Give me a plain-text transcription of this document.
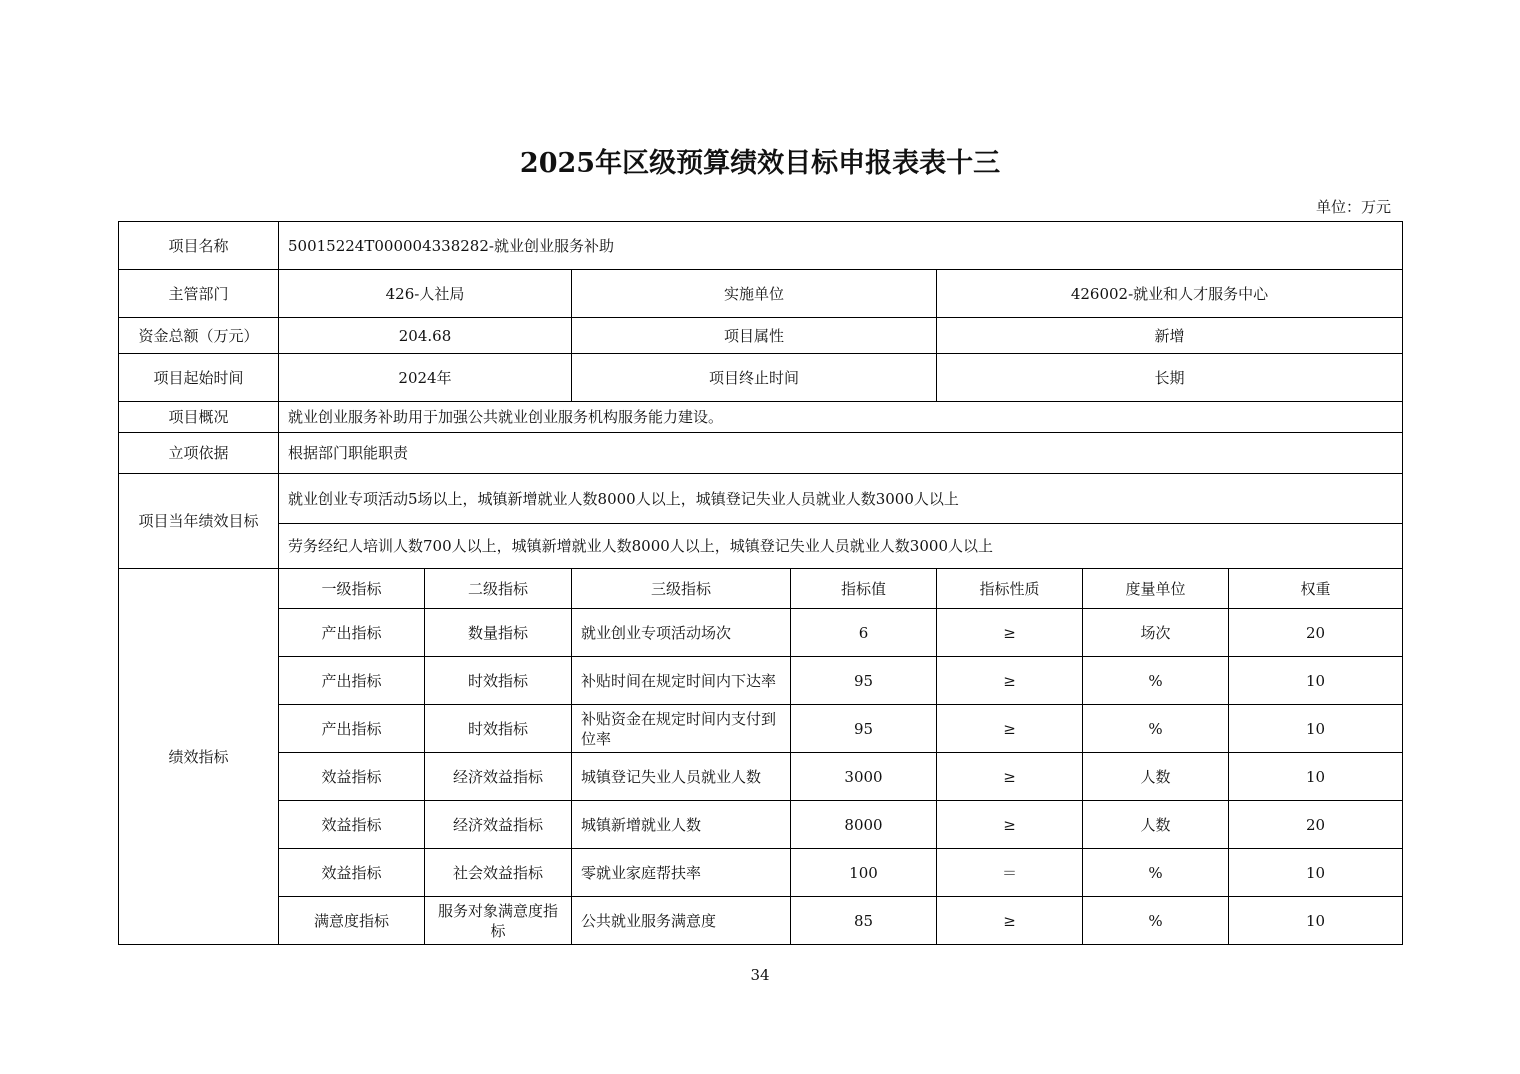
2025年区级预算绩效目标申报表表十三
单位：万元
项目名称	50015224T000004338282-就业创业服务补助						
主管部门	426-人社局		实施单位		426002-就业和人才服务中心		
资金总额（万元）	204.68		项目属性		新增		
项目起始时间	2024年		项目终止时间		长期		
项目概况	就业创业服务补助用于加强公共就业创业服务机构服务能力建设。						
立项依据	根据部门职能职责						
项目当年绩效目标	就业创业专项活动5场以上，城镇新增就业人数8000人以上，城镇登记失业人员就业人数3000人以上						
	劳务经纪人培训人数700人以上，城镇新增就业人数8000人以上，城镇登记失业人员就业人数3000人以上						
绩效指标	一级指标	二级指标	三级指标	指标值	指标性质	度量单位	权重
	产出指标	数量指标	就业创业专项活动场次	6	≥	场次	20
	产出指标	时效指标	补贴时间在规定时间内下达率	95	≥	%	10
	产出指标	时效指标	补贴资金在规定时间内支付到位率	95	≥	%	10
	效益指标	经济效益指标	城镇登记失业人员就业人数	3000	≥	人数	10
	效益指标	经济效益指标	城镇新增就业人数	8000	≥	人数	20
	效益指标	社会效益指标	零就业家庭帮扶率	100	＝	%	10
	满意度指标	服务对象满意度指标	公共就业服务满意度	85	≥	%	10
34
